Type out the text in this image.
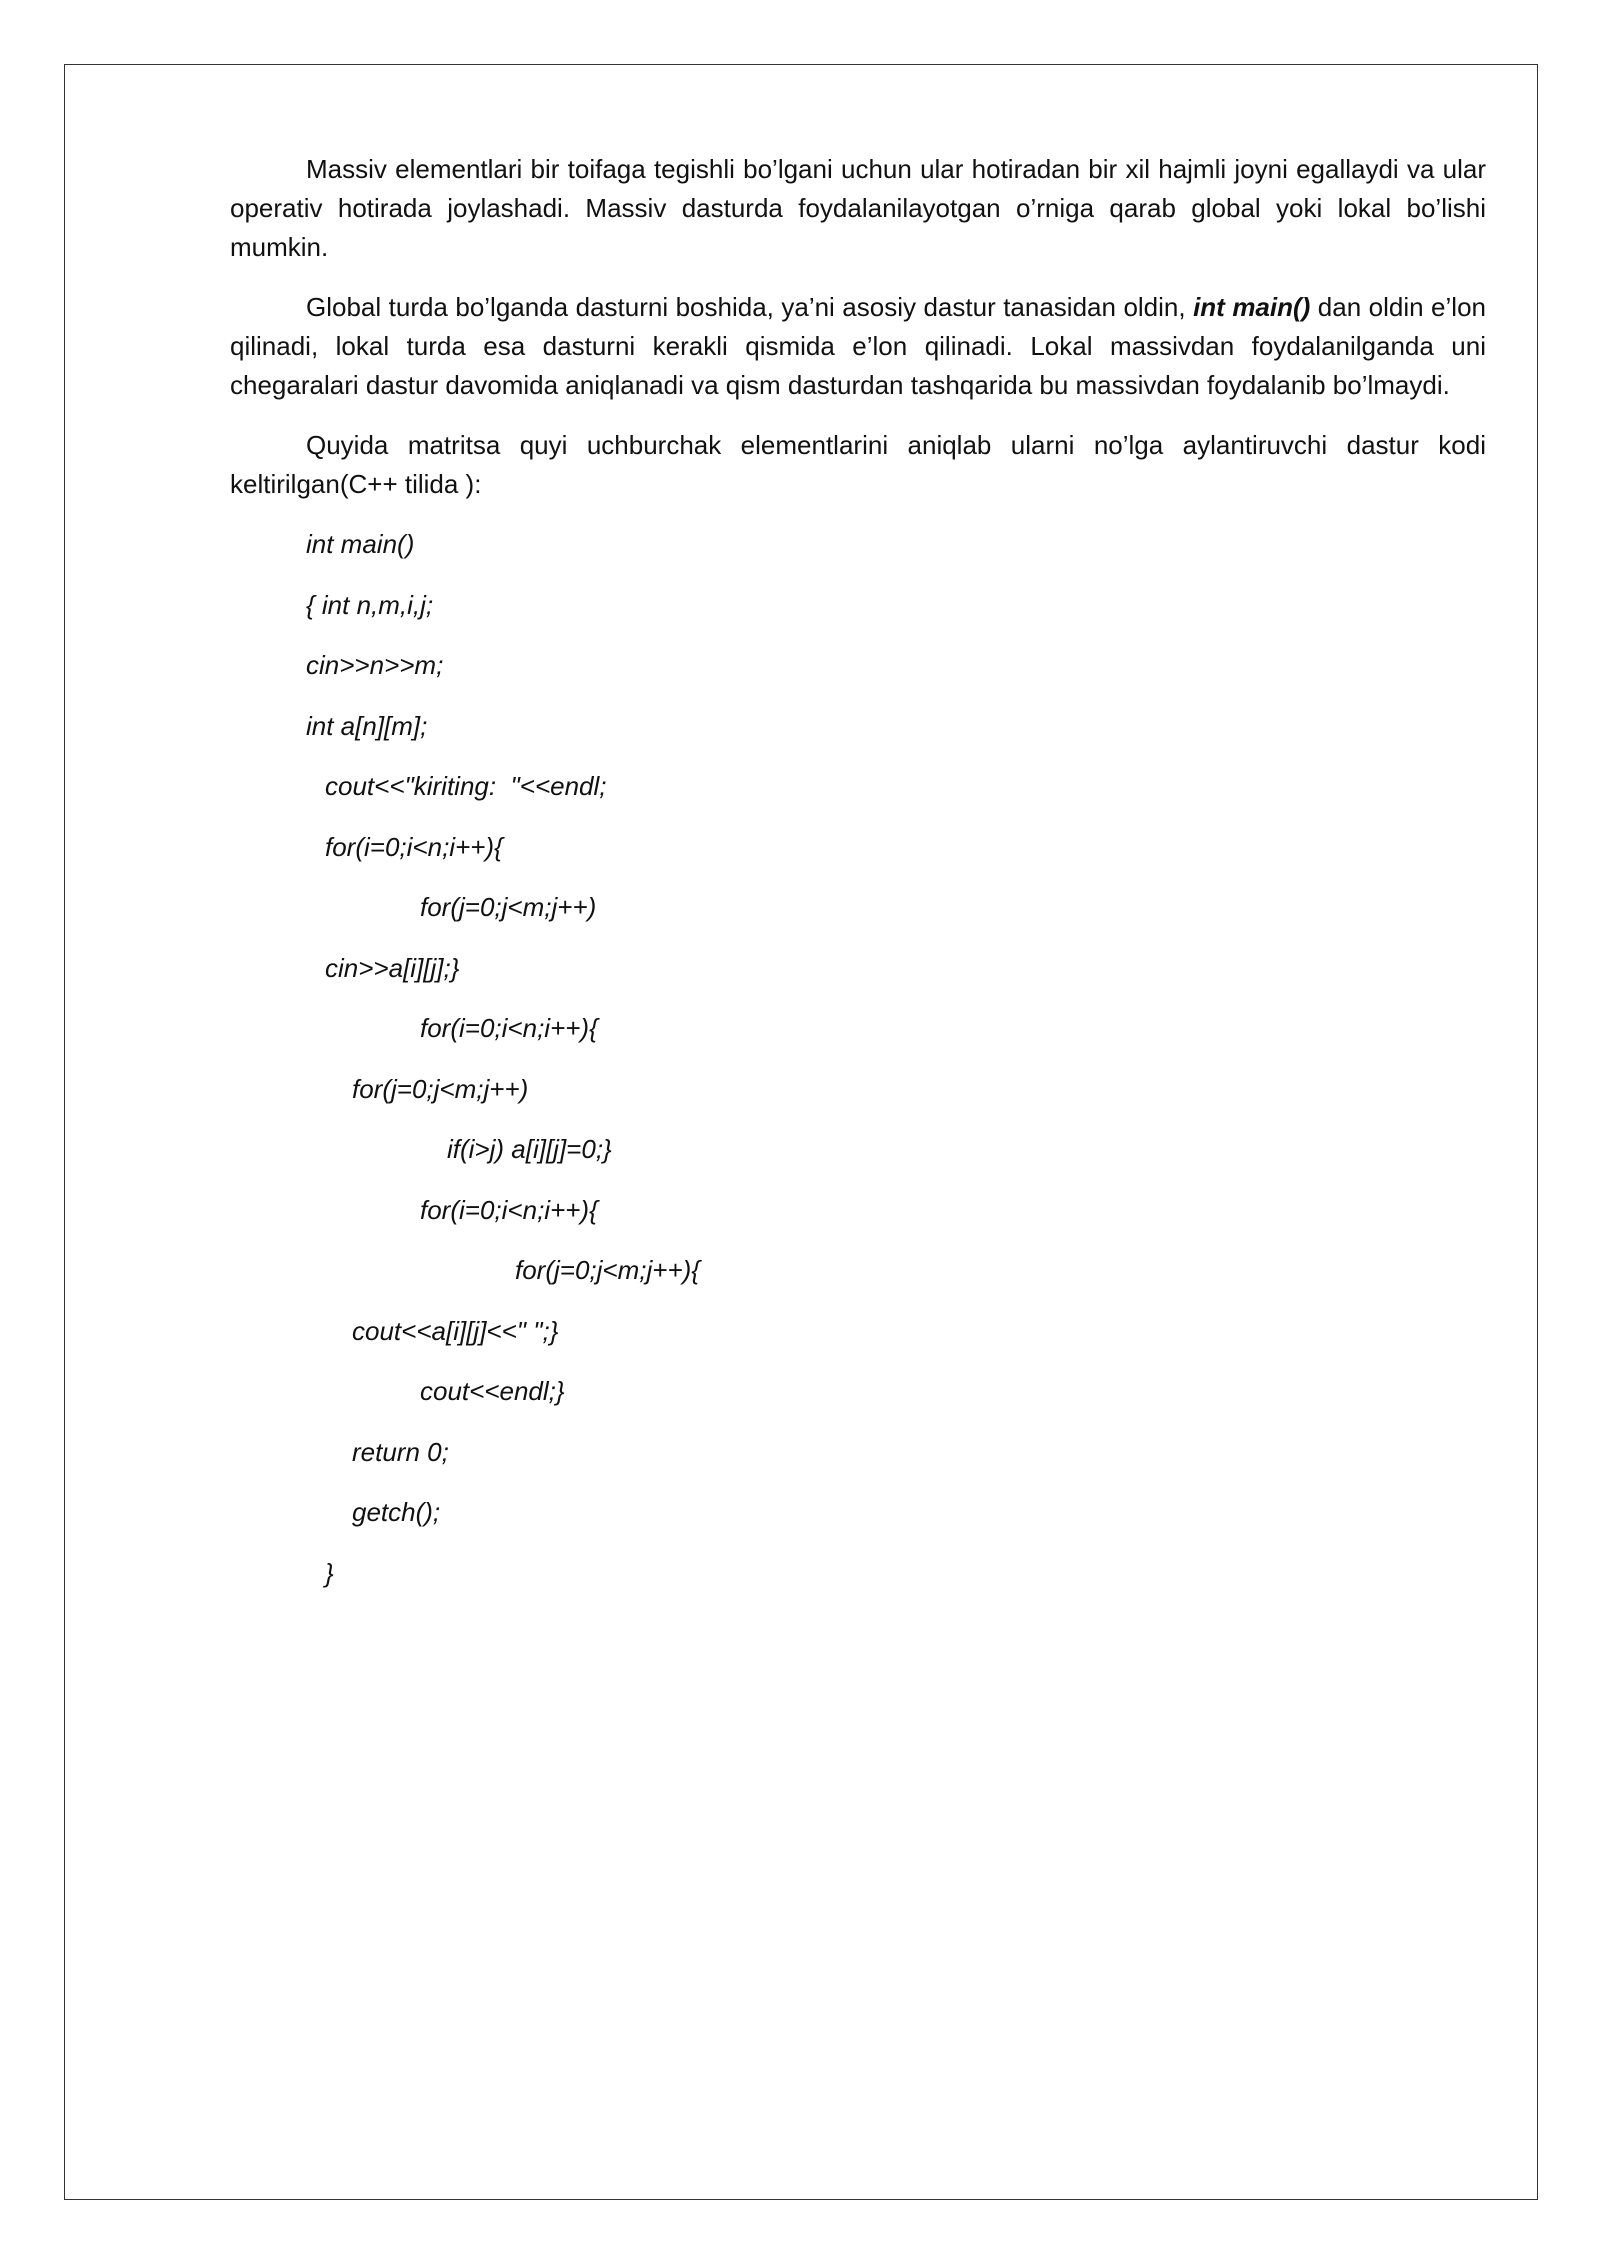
Massiv elementlari bir toifaga tegishli bo’lgani uchun ular hotiradan bir xil hajmli joyni egallaydi va ular operativ hotirada joylashadi. Massiv dasturda foydalanilayotgan o’rniga qarab global yoki lokal bo’lishi mumkin.

Global turda bo’lganda dasturni boshida, ya’ni asosiy dastur tanasidan oldin, int main() dan oldin e’lon qilinadi, lokal turda esa dasturni kerakli qismida e’lon qilinadi. Lokal massivdan foydalanilganda uni chegaralari dastur davomida aniqlanadi va qism dasturdan tashqarida bu massivdan foydalanib bo’lmaydi.

Quyida matritsa quyi uchburchak elementlarini aniqlab ularni no’lga aylantiruvchi dastur kodi keltirilgan(C++ tilida ):

int main()
{ int n,m,i,j;
cin>>n>>m;
int a[n][m];
cout<<"kiriting:  "<<endl;
for(i=0;i<n;i++){
for(j=0;j<m;j++)
cin>>a[i][j];}
for(i=0;i<n;i++){
for(j=0;j<m;j++)
if(i>j) a[i][j]=0;}
for(i=0;i<n;i++){
for(j=0;j<m;j++){
cout<<a[i][j]<<" ";}
cout<<endl;}
return 0;
getch();
}
